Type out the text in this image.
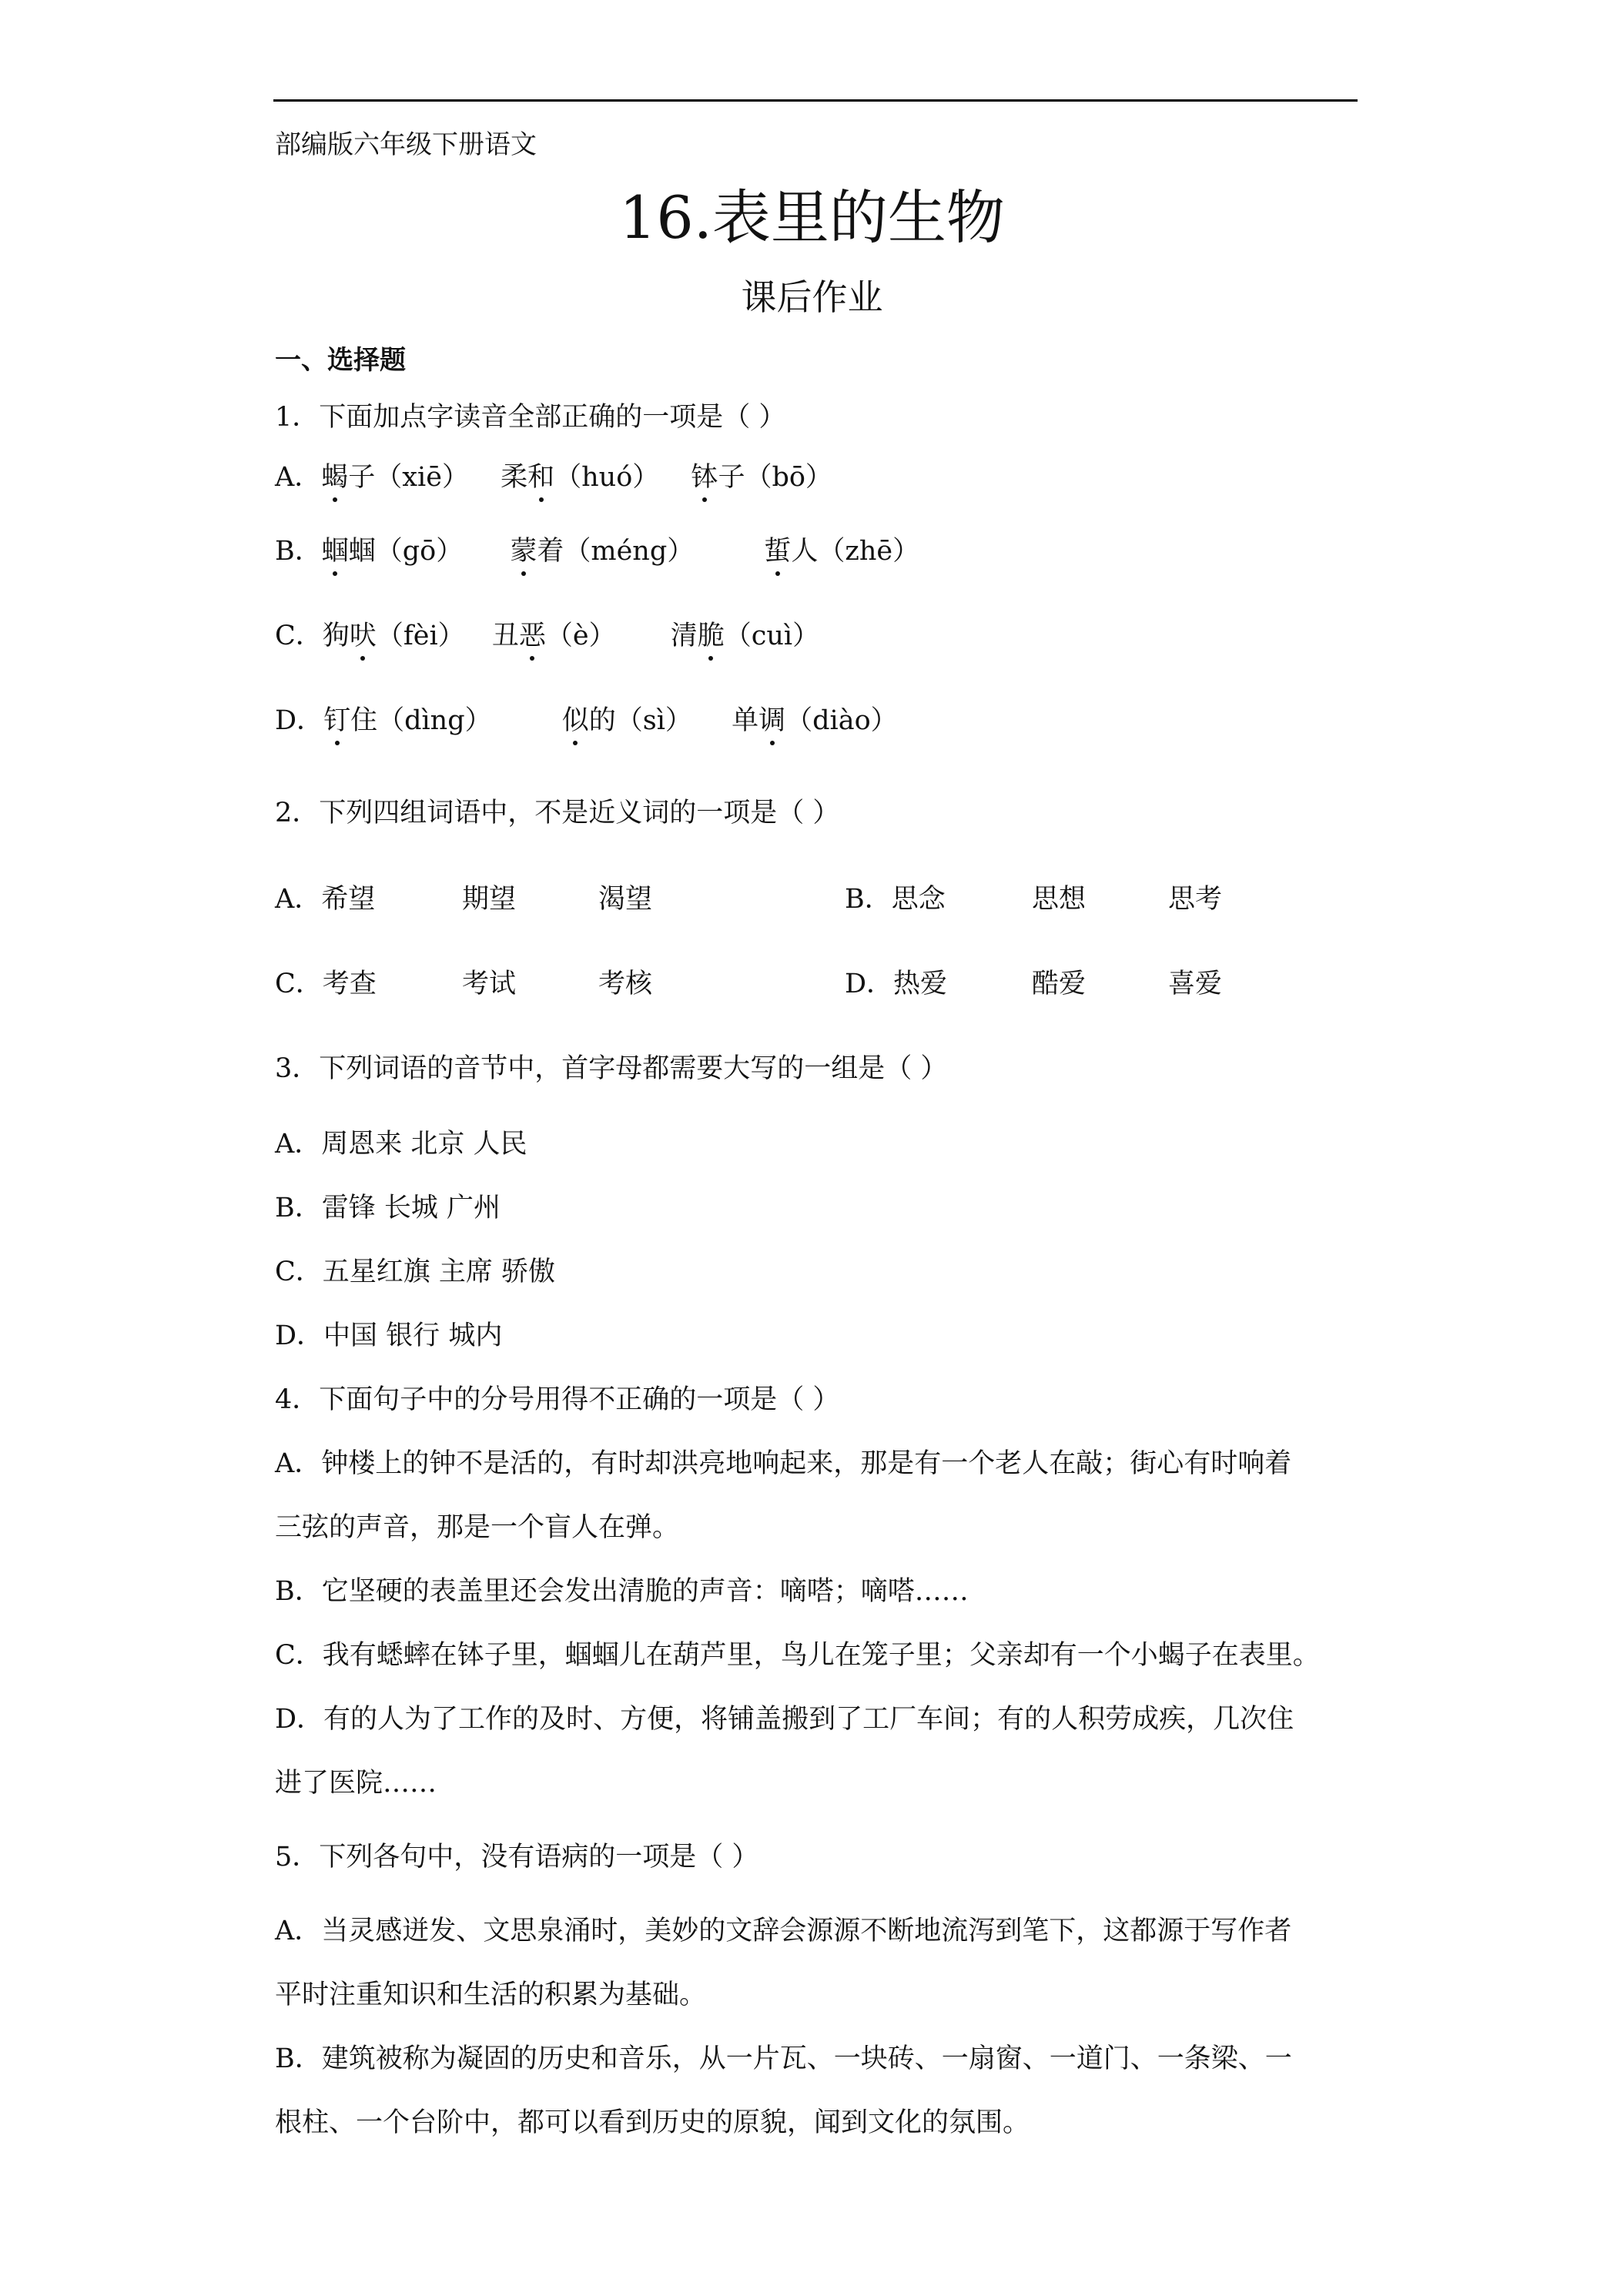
部编版六年级下册语文
16.表里的生物
课后作业
一、选择题
1．下面加点字读音全部正确的一项是（ ）
A．蝎子（xiē） 柔和（huó） 钵子（bō）
B．蝈蝈（gō） 蒙着（méng）	蜇人（zhē）
C．狗吠（fèi） 丑恶（è） 清脆（cuì）
D．钉住（dìng）	似的（sì） 单调（diào）
2．下列四组词语中，不是近义词的一项是（ ）
A．希望	期望	渴望	B．思念	思想	思考
C．考查	考试	考核	D．热爱	酷爱	喜爱
3．下列词语的音节中，首字母都需要大写的一组是（ ）
A．周恩来 北京 人民
B．雷锋 长城 广州
C．五星红旗 主席 骄傲
D．中国 银行 城内
4．下面句子中的分号用得不正确的一项是（ ）
A．钟楼上的钟不是活的，有时却洪亮地响起来，那是有一个老人在敲；街心有时响着
三弦的声音，那是一个盲人在弹。
B．它坚硬的表盖里还会发出清脆的声音：嘀嗒；嘀嗒……
C．我有蟋蟀在钵子里，蝈蝈儿在葫芦里，鸟儿在笼子里；父亲却有一个小蝎子在表里。
D．有的人为了工作的及时、方便，将铺盖搬到了工厂车间；有的人积劳成疾，几次住
进了医院……
5．下列各句中，没有语病的一项是（ ）
A．当灵感迸发、文思泉涌时，美妙的文辞会源源不断地流泻到笔下，这都源于写作者
平时注重知识和生活的积累为基础。
B．建筑被称为凝固的历史和音乐，从一片瓦、一块砖、一扇窗、一道门、一条梁、一
根柱、一个台阶中，都可以看到历史的原貌，闻到文化的氛围。
